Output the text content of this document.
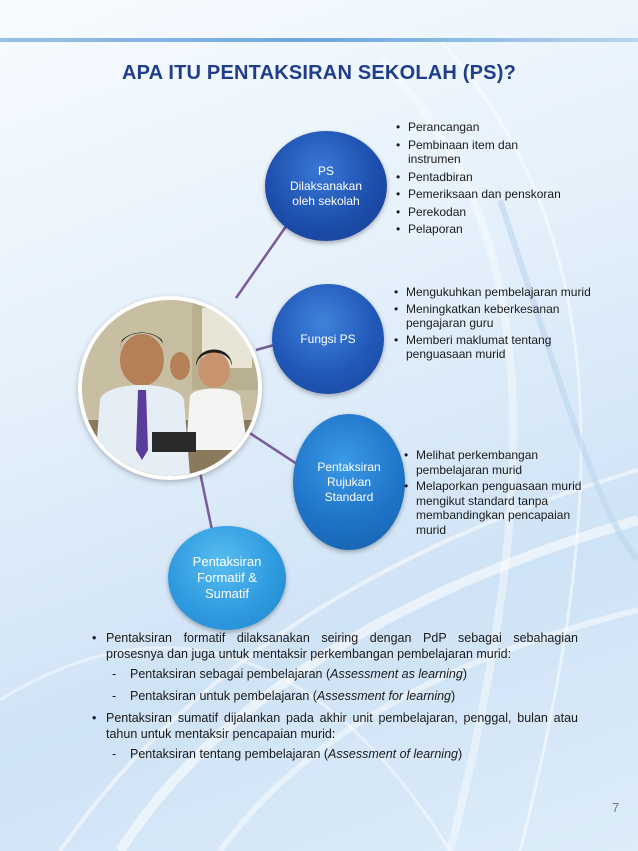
APA ITU PENTAKSIRAN SEKOLAH (PS)?
PS
Dilaksanakan
oleh sekolah
Fungsi PS
Pentaksiran
Rujukan
Standard
Pentaksiran
Formatif &
Sumatif
• Perancangan
• Pembinaan item dan instrumen
• Pentadbiran
• Pemeriksaan dan penskoran
• Perekodan
• Pelaporan
• Mengukuhkan pembelajaran murid
• Meningkatkan keberkesanan pengajaran guru
• Memberi maklumat tentang penguasaan murid
• Melihat perkembangan pembelajaran murid
• Melaporkan penguasaan murid mengikut standard tanpa membandingkan pencapaian murid
• Pentaksiran formatif dilaksanakan seiring dengan PdP sebagai sebahagian prosesnya dan juga untuk mentaksir perkembangan pembelajaran murid:
- Pentaksiran sebagai pembelajaran (Assessment as learning)
- Pentaksiran untuk pembelajaran (Assessment for learning)
• Pentaksiran sumatif dijalankan pada akhir unit pembelajaran, penggal, bulan atau tahun untuk mentaksir pencapaian murid:
- Pentaksiran tentang pembelajaran (Assessment of learning)
7
